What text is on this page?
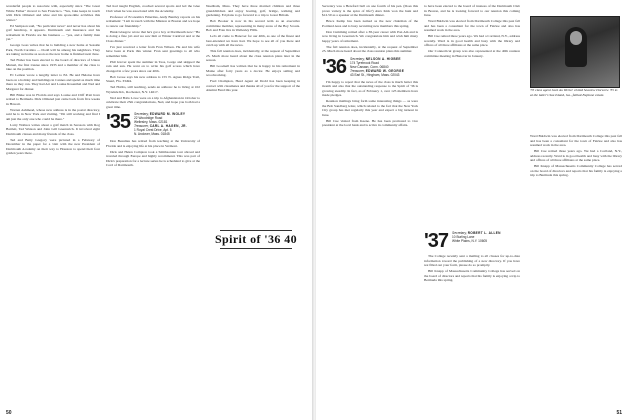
wonderful people to associate with, especially since "The Great White Father" moved to San Francisco. "Yes, Jake keeps in touch with Dick Olmsted and wine and his spare-time activities this winter."

Ed Sampson said, "No particular news" and never has about his golf handicap, it appears. Dartmouth and Insurance and his retirement in Florida are his business — "yes, and a family man yet."

George Goss writes that he is building a new home at Seaside Park, North Carolina — Dodd will be among his neighbors. They are taking welcome as soon as the new home is finished next June.

Ted Fisher has been elected to the board of directors of Union Mutual, the first trustee since 1935 and a member of the class to take on the position.

Ev Lemon wrote a lengthy letter to Ed. He and Heloise have been on a holiday and buildings in Cannes and spend as much time there as they can. They had Art and Louise Rosenthal and Ned and Margaret for dinner.

Bill Blake was in Florida and says Louise and Cliff Pratt have retired to Bermuda. Dick Olmsted just came back from five weeks in Hawaii.

Warren Ashmead, whose new address is in the postal directory, said he is in New York and visiting. "I'm still working and find I am just the only one who could be there."

Larry Wallace writes about a golf match in Sarasota with Rog Bartlett, Ted Watson and John Gill Greenwich. It involved eight Dartmouth classes and many friends of the class.

Ted and Betty Gregory were pictured in a February of December in the paper for a visit with the new President of Dartmouth Academy on their way to Houston to spend their four golden years there.

Ted had taught English, coached several sports and led the Glee Club when he was associated with the Academy.

Professor of Economics Emeritus, Andy Bentley reports on his retirement: "I am in touch with the Mission at Boston and we hope to renew our friendship."

Hank Glasgow wrote that he's got a boy at Dartmouth now: "He is doing a fine job and we saw him at Winter Carnival and at the Class dinner."

I've just received a letter from Fran Wilson. He and his wife have been at Paris this winter. Fran sent greetings to all who remember him.

Phil Glover spent the summer in Taos, Gorge and skipped the rain and sun. He went on to write his golf scores which have changed in a few years since our 40th.

Bob Grose says his new address is 155 N. Agnes Ridge Trail, Stuart, Fla. 33494.

Ted Hobbs, still teaching, sends an address: he is living at 102 Wyndale Rd., Rochester, N.Y. 14617.

Ned and Babs Lowe were on a trip to Afghanistan in October to celebrate their 25th congratulations, Ned, and hope you both had a great time.

'35 Secretary, EDWARD M. WOLEY
22 Woodridge Road
Wellesley, Mass. 02181
Treasurer, CARL A. HAGEN, JR.
1 Royal Crest Drive, Apt. 5
N. Andover, Mass. 01845

Don Beaulieu has retired from teaching at the University of Florida and is enjoying life at his place in Vermont.

Dick and Helen Compton took a Smithsonian tour abroad and traveled through Europe and highly recommend. This was part of Dick's preparation for a lecture series he is scheduled to give at the Cord of Dartmouth.

Needham, Mass. They have three married children and three grandchildren and enjoy boating, golf, bridge, walking and gardening. Ed plans to go forward to a trip to Great Britain.

Bob Booker is now in his second term as an executive committee member, representing in many areas of the Boy Scouts. Bob and Fran live in Wellesley Hills.

Let's all come to Hanover for our 40th, as one of the finest and best-attended we have had. We hope to see all of you there and catch up with all the news.

This fall reunion does, incidentally, at the request of September 25. Much more heard about the class reunion plans later in the season.

Bill Goodsell has written that he is happy in his retirement in Maine after forty years as a doctor. He enjoys sailing and woodworking.

Fred Champion, Head Agent Al Dodd has been keeping in contact with classmates and thanks all of you for the support of the Alumni Fund this year.

50

Secretary was a Hereford bull on one fourth of his pen. (Does this prove variety is the spice of life?) Alex Kirk won the hunt and $12.50 as a speaker at the Dartmouth dinner.

Bruce Kemp has been named as the new chairman of the Portland Area and is busy recruiting new members this spring.

Don Cumming retired after a 38-year career with Pan Am and is now living in Greenwich. We congratulate him and wish him many happy years of retirement.

The fall reunion does, incidentally, at the request of September 25. Much more heard about the class reunion plans this summer.

'36 Secretary, NELSON A. HIGBEE
174 Tyrebrook Road
New Canaan, Conn. 06840
Treasurer, EDWARD W. GEORGE
43 Earl St., Hingham, Mass. 02043

I'm happy to report that the news of the class is much better this month and also that the outstanding response to the Spirit of '36 is growing steadily. In fact, as of February 1, over 125 members have made pledges.

Reunion mailings bring forth some interesting things — as were the Bob Sandberg letter, which related to the fact that the New York City group has met regularly this year and expect a big turnout in June.

Bill Cue visited from Keene. He has been promoted to vice president at the local bank and is active in community affairs.

to have been elected to the board of trustees of the Dartmouth Club in Boston, and he is looking forward to our reunion this coming June.

Ward Baldwin was elected from Dartmouth College this past fall and has been a consultant for the town of Fairlee and also has resumed work in the area.

Bill Cue retired three years ago. We had a Cortland, N.Y., address recently. Ward is in good health and busy with the library and offices of all three affiliates at the same place.

Our Connecticut group was also represented at the 40th reunion committee meeting in Hanover in January.

'37 Secretary, ROBERT L. ALLEN
10 Burling Lane
White Plains, N.Y. 10605

The College recently sent a mailing to all classes for up-to-date information toward the publishing of a new directory. If you have not filled out your form, please do so promptly.

Bill Knapp of Massachusetts Community College has served on the board of directors and reports that his family is enjoying a trip to Bermuda this spring.

'35 class agent Jack Au Werter visited Seaview Dorsorw '35 to at the latter's Sea Island, Ga., fabled-Neptune estate.

Ward Baldwin was elected from Dartmouth College this past fall and has been a consultant for the town of Fairlee and also has resumed work in the area.

Bill Cue retired three years ago. We had a Cortland, N.Y., address recently. Ward is in good health and busy with the library and offices of all three affiliates at the same place.

Bill Knapp of Massachusetts Community College has served on the board of directors and reports that his family is enjoying a trip to Bermuda this spring.

51
Spirit of '36 40
